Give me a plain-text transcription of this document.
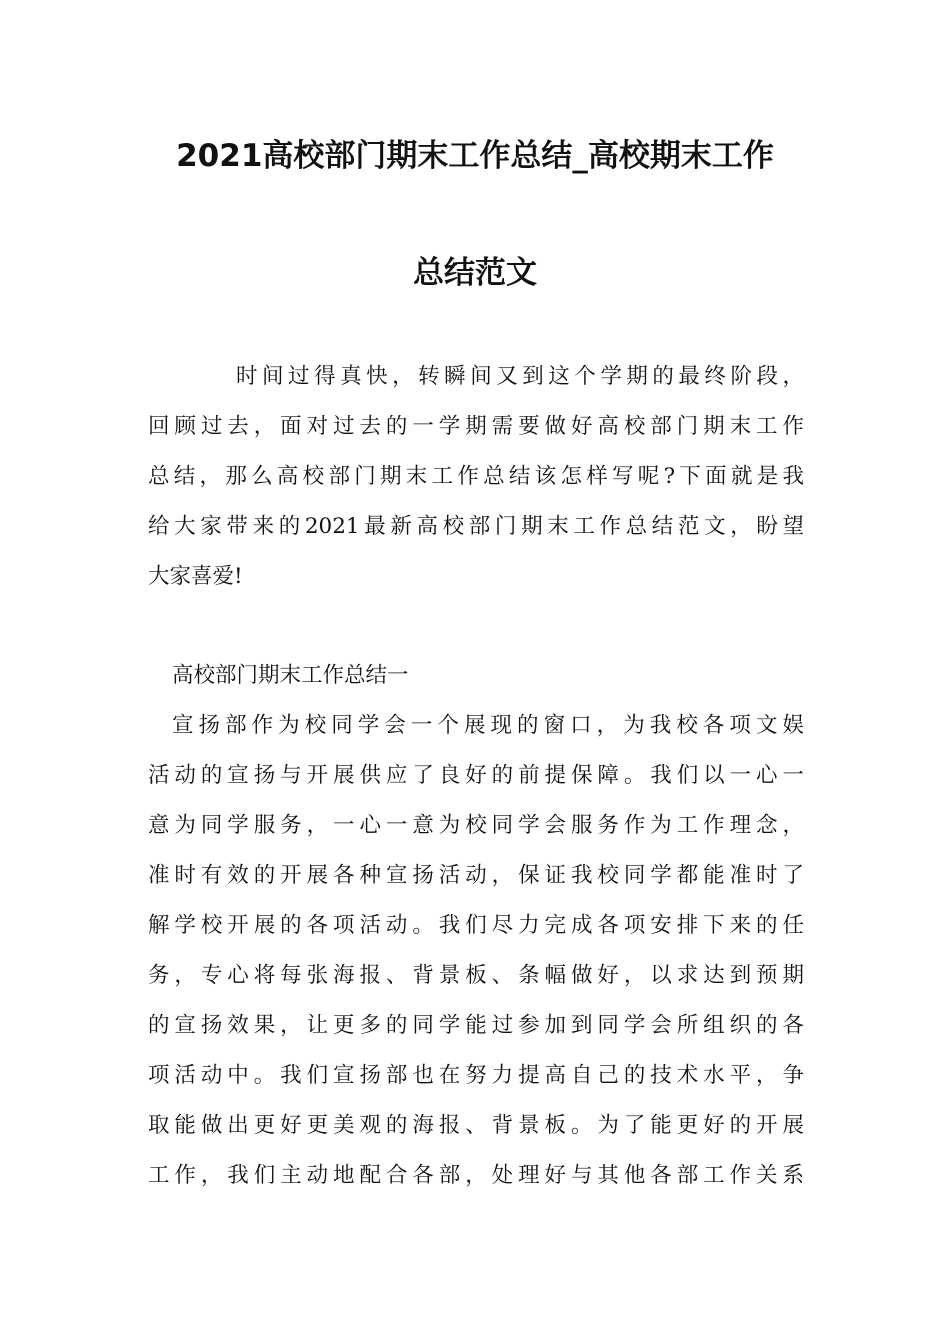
2021高校部门期末工作总结_高校期末工作
总结范文

时间过得真快，转瞬间又到这个学期的最终阶段，

回顾过去，面对过去的一学期需要做好高校部门期末工作

总结，那么高校部门期末工作总结该怎样写呢?下面就是我

给大家带来的2021最新高校部门期末工作总结范文，盼望

大家喜爱!

高校部门期末工作总结一

宣扬部作为校同学会一个展现的窗口，为我校各项文娱

活动的宣扬与开展供应了良好的前提保障。我们以一心一

意为同学服务，一心一意为校同学会服务作为工作理念，

准时有效的开展各种宣扬活动，保证我校同学都能准时了

解学校开展的各项活动。我们尽力完成各项安排下来的任

务，专心将每张海报、背景板、条幅做好，以求达到预期

的宣扬效果，让更多的同学能过参加到同学会所组织的各

项活动中。我们宣扬部也在努力提高自己的技术水平，争

取能做出更好更美观的海报、背景板。为了能更好的开展

工作，我们主动地配合各部，处理好与其他各部工作关系
